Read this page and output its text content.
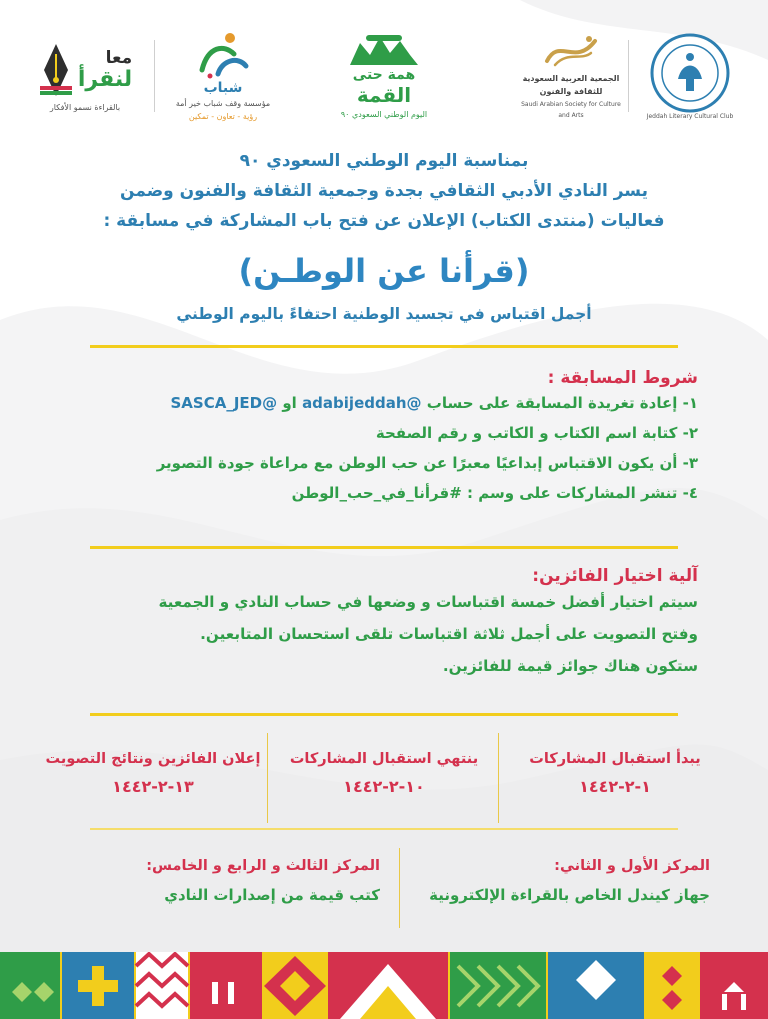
معا
لنقرأ
بالقراءة نسمو الأفكار
شباب
مؤسسة وقف شباب خير أمة
رؤية - تعاون - تمكين
همة حتى
القمة
اليوم الوطني السعودي ٩٠
الجمعية العربية السعودية
للثقافة والفنون
Saudi Arabian Society for Culture and Arts	Jeddah Literary Cultural Club
بمناسبة اليوم الوطني السعودي ٩٠
يسر النادي الأدبي الثقافي بجدة وجمعية الثقافة والفنون وضمن
فعاليات (منتدى الكتاب) الإعلان عن فتح باب المشاركة في مسابقة :
(قرأنا عن الوطـن)
أجمل اقتباس في تجسيد الوطنية احتفاءً باليوم الوطني
شروط المسابقة :
١- إعادة تغريدة المسابقة على حساب @adabijeddah او @SASCA_JED
٢- كتابة اسم الكتاب و الكاتب و رقم الصفحة
٣- أن يكون الاقتباس إبداعيًا معبرًا عن حب الوطن مع مراعاة جودة التصوير
٤- تنشر المشاركات على وسم : #قرأنا_في_حب_الوطن
آلية اختيار الفائزين:
سيتم اختيار أفضل خمسة اقتباسات و وضعها في حساب النادي و الجمعية
وفتح التصويت على أجمل ثلاثة اقتباسات تلقى استحسان المتابعين.
ستكون هناك جوائز قيمة للفائزين.
يبدأ استقبال المشاركات
١-٢-١٤٤٢
ينتهي استقبال المشاركات
١٠-٢-١٤٤٢
إعلان الفائزين ونتائج التصويت
١٣-٢-١٤٤٢
المركز الأول و الثاني:
جهاز كيندل الخاص بالقراءة الإلكترونية
المركز الثالث و الرابع و الخامس:
كتب قيمة من إصدارات النادي
